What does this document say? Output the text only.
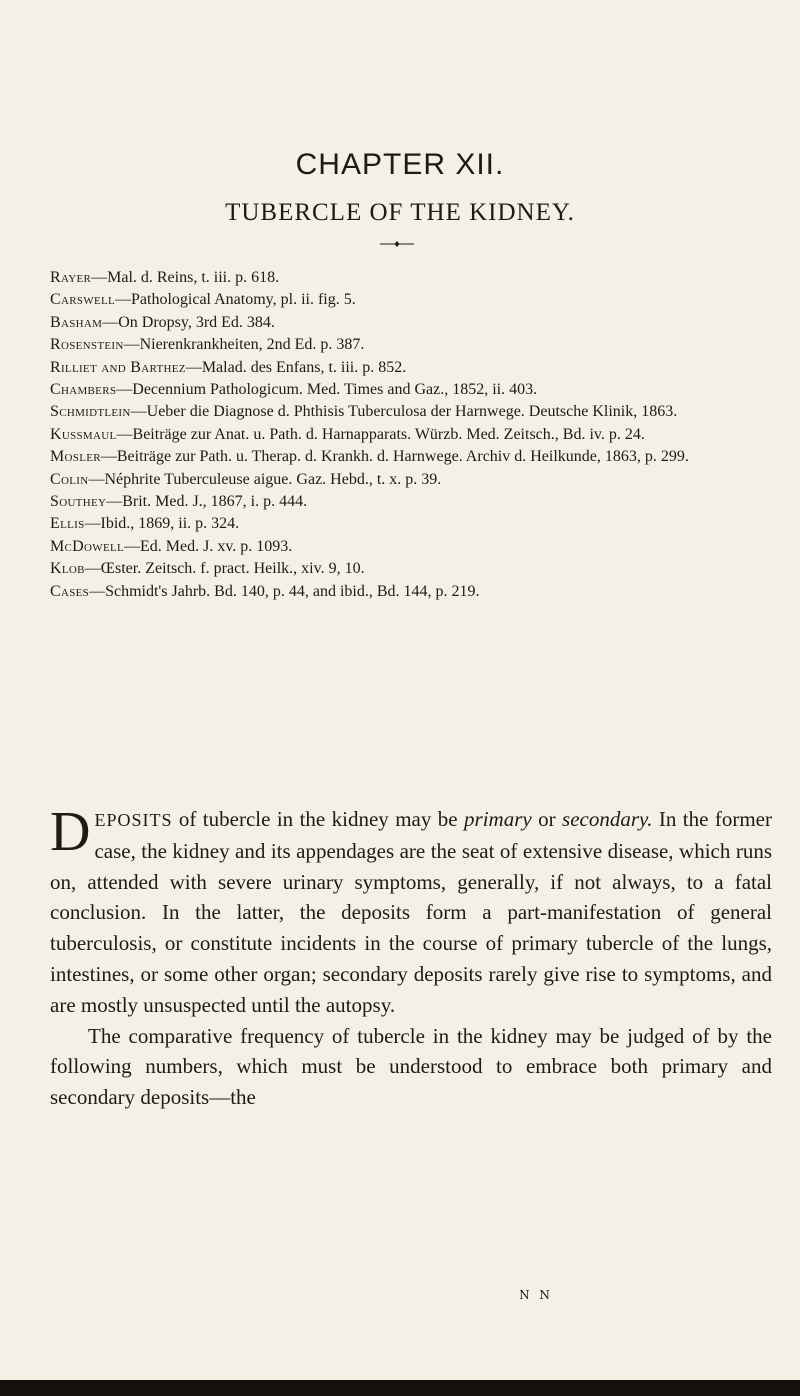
CHAPTER XII.
TUBERCLE OF THE KIDNEY.

Rayer—Mal. d. Reins, t. iii. p. 618.

Carswell—Pathological Anatomy, pl. ii. fig. 5.

Basham—On Dropsy, 3rd Ed. 384.

Rosenstein—Nierenkrankheiten, 2nd Ed. p. 387.

Rilliet and Barthez—Malad. des Enfans, t. iii. p. 852.

Chambers—Decennium Pathologicum. Med. Times and Gaz., 1852, ii. 403.

Schmidtlein—Ueber die Diagnose d. Phthisis Tuberculosa der Harnwege. Deutsche Klinik, 1863.

Kussmaul—Beiträge zur Anat. u. Path. d. Harnapparats. Würzb. Med. Zeitsch., Bd. iv. p. 24.

Mosler—Beiträge zur Path. u. Therap. d. Krankh. d. Harnwege. Archiv d. Heilkunde, 1863, p. 299.

Colin—Néphrite Tuberculeuse aigue. Gaz. Hebd., t. x. p. 39.

Southey—Brit. Med. J., 1867, i. p. 444.

Ellis—Ibid., 1869, ii. p. 324.

McDowell—Ed. Med. J. xv. p. 1093.

Klob—Œster. Zeitsch. f. pract. Heilk., xiv. 9, 10.

Cases—Schmidt's Jahrb. Bd. 140, p. 44, and ibid., Bd. 144, p. 219.

DEPOSITS of tubercle in the kidney may be primary or secondary. In the former case, the kidney and its appendages are the seat of extensive disease, which runs on, attended with severe urinary symptoms, generally, if not always, to a fatal conclusion. In the latter, the deposits form a part-manifestation of general tuberculosis, or constitute incidents in the course of primary tubercle of the lungs, intestines, or some other organ; secondary deposits rarely give rise to symptoms, and are mostly unsuspected until the autopsy.

The comparative frequency of tubercle in the kidney may be judged of by the following numbers, which must be understood to embrace both primary and secondary deposits—the

N N
